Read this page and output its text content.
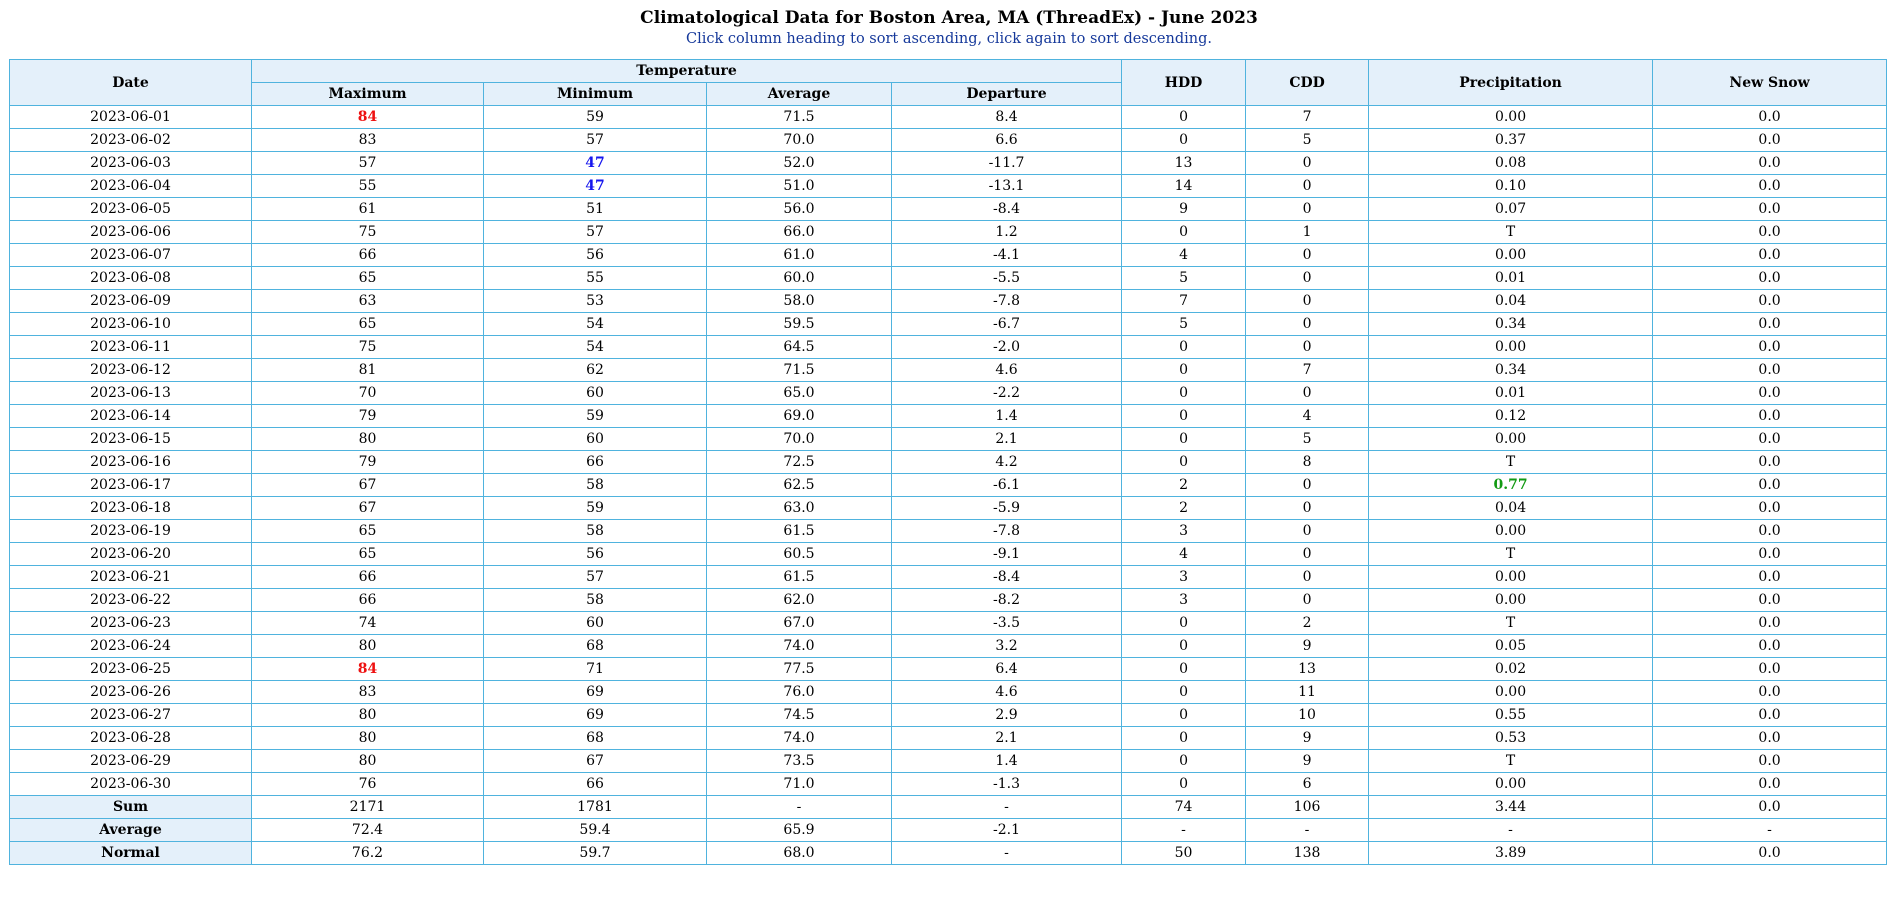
Climatological Data for Boston Area, MA (ThreadEx) - June 2023
Click column heading to sort ascending, click again to sort descending.
Date	Temperature				HDD	CDD	Precipitation	New Snow
	Maximum	Minimum	Average	Departure				
2023-06-01	84	59	71.5	8.4	0	7	0.00	0.0
2023-06-02	83	57	70.0	6.6	0	5	0.37	0.0
2023-06-03	57	47	52.0	-11.7	13	0	0.08	0.0
2023-06-04	55	47	51.0	-13.1	14	0	0.10	0.0
2023-06-05	61	51	56.0	-8.4	9	0	0.07	0.0
2023-06-06	75	57	66.0	1.2	0	1	T	0.0
2023-06-07	66	56	61.0	-4.1	4	0	0.00	0.0
2023-06-08	65	55	60.0	-5.5	5	0	0.01	0.0
2023-06-09	63	53	58.0	-7.8	7	0	0.04	0.0
2023-06-10	65	54	59.5	-6.7	5	0	0.34	0.0
2023-06-11	75	54	64.5	-2.0	0	0	0.00	0.0
2023-06-12	81	62	71.5	4.6	0	7	0.34	0.0
2023-06-13	70	60	65.0	-2.2	0	0	0.01	0.0
2023-06-14	79	59	69.0	1.4	0	4	0.12	0.0
2023-06-15	80	60	70.0	2.1	0	5	0.00	0.0
2023-06-16	79	66	72.5	4.2	0	8	T	0.0
2023-06-17	67	58	62.5	-6.1	2	0	0.77	0.0
2023-06-18	67	59	63.0	-5.9	2	0	0.04	0.0
2023-06-19	65	58	61.5	-7.8	3	0	0.00	0.0
2023-06-20	65	56	60.5	-9.1	4	0	T	0.0
2023-06-21	66	57	61.5	-8.4	3	0	0.00	0.0
2023-06-22	66	58	62.0	-8.2	3	0	0.00	0.0
2023-06-23	74	60	67.0	-3.5	0	2	T	0.0
2023-06-24	80	68	74.0	3.2	0	9	0.05	0.0
2023-06-25	84	71	77.5	6.4	0	13	0.02	0.0
2023-06-26	83	69	76.0	4.6	0	11	0.00	0.0
2023-06-27	80	69	74.5	2.9	0	10	0.55	0.0
2023-06-28	80	68	74.0	2.1	0	9	0.53	0.0
2023-06-29	80	67	73.5	1.4	0	9	T	0.0
2023-06-30	76	66	71.0	-1.3	0	6	0.00	0.0
Sum	2171	1781	-	-	74	106	3.44	0.0
Average	72.4	59.4	65.9	-2.1	-	-	-	-
Normal	76.2	59.7	68.0	-	50	138	3.89	0.0
